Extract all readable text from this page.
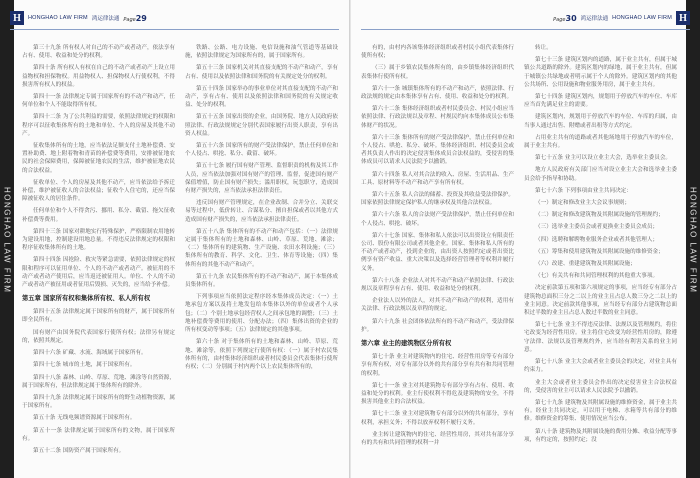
HONGHAO LAW FIRM
H	HONGHAO LAW FIRM 鸿运律法通 Page29

第三十九条 所有权人对自己的不动产或者动产，依法享有占有、使用、收益和处分的权利。

第四十条 所有权人有权在自己的不动产或者动产上设立用益物权和担保物权。用益物权人、担保物权人行使权利，不得损害所有权人的权益。

第四十一条 法律规定专属于国家所有的不动产和动产，任何单位和个人不能取得所有权。

第四十二条 为了公共利益的需要，依照法律规定的权限和程序可以征收集体所有的土地和单位、个人的房屋及其他不动产。

征收集体所有的土地，应当依法足额支付土地补偿费、安置补助费、地上附着物和青苗的补偿费等费用，安排被征地农民的社会保障费用，保障被征地农民的生活，维护被征地农民的合法权益。

征收单位、个人的房屋及其他不动产，应当依法给予拆迁补偿，维护被征收人的合法权益；征收个人住宅的，还应当保障被征收人的居住条件。

任何单位和个人不得贪污、挪用、私分、截留、拖欠征收补偿费等费用。

第四十三条 国家对耕地实行特殊保护，严格限制农用地转为建设用地，控制建设用地总量。不得违反法律规定的权限和程序征收集体所有的土地。

第四十四条 因抢险、救灾等紧急需要，依照法律规定的权限和程序可以征用单位、个人的不动产或者动产。被征用的不动产或者动产使用后，应当返还被征用人。单位、个人的不动产或者动产被征用或者征用后毁损、灭失的，应当给予补偿。

第五章 国家所有权和集体所有权、私人所有权

第四十五条 法律规定属于国家所有的财产，属于国家所有即全民所有。

国有财产由国务院代表国家行使所有权；法律另有规定的，依照其规定。

第四十六条 矿藏、水流、海域属于国家所有。

第四十七条 城市的土地，属于国家所有。

第四十八条 森林、山岭、草原、荒地、滩涂等自然资源，属于国家所有，但法律规定属于集体所有的除外。

第四十九条 法律规定属于国家所有的野生动植物资源，属于国家所有。

第五十条 无线电频谱资源属于国家所有。

第五十一条 法律规定属于国家所有的文物，属于国家所有。

第五十二条 国防资产属于国家所有。

铁路、公路、电力设施、电信设施和油气管道等基础设施，依照法律规定为国家所有的，属于国家所有。

第五十三条 国家机关对其直接支配的不动产和动产，享有占有、使用以及依照法律和国务院的有关规定处分的权利。

第五十四条 国家举办的事业单位对其直接支配的不动产和动产，享有占有、使用以及依照法律和国务院的有关规定收益、处分的权利。

第五十五条 国家出资的企业，由国务院、地方人民政府依照法律、行政法规规定分别代表国家履行出资人职责，享有出资人权益。

第五十六条 国家所有的财产受法律保护，禁止任何单位和个人侵占、哄抢、私分、截留、破坏。

第五十七条 履行国有财产管理、监督职责的机构及其工作人员，应当依法加强对国有财产的管理、监督，促进国有财产保值增值，防止国有财产损失；滥用职权，玩忽职守，造成国有财产损失的，应当依法承担法律责任。

违反国有财产管理规定，在企业改制、合并分立、关联交易等过程中，低价转让、合谋私分、擅自担保或者以其他方式造成国有财产损失的，应当依法承担法律责任。

第五十八条 集体所有的不动产和动产包括：（一）法律规定属于集体所有的土地和森林、山岭、草原、荒地、滩涂；（二）集体所有的建筑物、生产设施、农田水利设施；（三）集体所有的教育、科学、文化、卫生、体育等设施；（四）集体所有的其他不动产和动产。

第五十九条 农民集体所有的不动产和动产，属于本集体成员集体所有。

下列事项应当依照法定程序经本集体成员决定：（一）土地承包方案以及将土地发包给本集体以外的单位或者个人承包；（二）个别土地承包经营权人之间承包地的调整；（三）土地补偿费等费用的使用、分配办法；（四）集体出资的企业的所有权变动等事项；（五）法律规定的其他事项。

第六十条 对于集体所有的土地和森林、山岭、草原、荒地、滩涂等，依照下列规定行使所有权：（一）属于村农民集体所有的，由村集体经济组织或者村民委员会代表集体行使所有权；（二）分别属于村内两个以上农民集体所有的，

HONGHAO LAW FIRM
H
HONGHAO LAW FIRM
鸿运律法通
Page30

有的，由村内各该集体经济组织或者村民小组代表集体行使所有权；

（三）属于乡镇农民集体所有的，由乡镇集体经济组织代表集体行使所有权。

第六十一条 城镇集体所有的不动产和动产，依照法律、行政法规的规定由本集体享有占有、使用、收益和处分的权利。

第六十二条 集体经济组织或者村民委员会、村民小组应当依照法律、行政法规以及章程、村规民约向本集体成员公布集体财产的状况。

第六十三条 集体所有的财产受法律保护，禁止任何单位和个人侵占、哄抢、私分、破坏。集体经济组织、村民委员会或者其负责人作出的决定侵害集体成员合法权益的，受侵害的集体成员可以请求人民法院予以撤销。

第六十四条 私人对其合法的收入、房屋、生活用品、生产工具、原材料等不动产和动产享有所有权。

第六十五条 私人合法的储蓄、投资及其收益受法律保护。国家依照法律规定保护私人的继承权及其他合法权益。

第六十六条 私人的合法财产受法律保护，禁止任何单位和个人侵占、哄抢、破坏。

第六十七条 国家、集体和私人依法可以出资设立有限责任公司、股份有限公司或者其他企业。国家、集体和私人所有的不动产或者动产，投到企业的，由出资人按照约定或者出资比例享有资产收益、重大决策以及选择经营管理者等权利并履行义务。

第六十八条 企业法人对其不动产和动产依照法律、行政法规以及章程享有占有、使用、收益和处分的权利。

企业法人以外的法人，对其不动产和动产的权利，适用有关法律、行政法规以及章程的规定。

第六十九条 社会团体依法所有的不动产和动产，受法律保护。

第六章 业主的建筑物区分所有权

第七十条 业主对建筑物内的住宅、经营性用房等专有部分享有所有权，对专有部分以外的共有部分享有共有和共同管理的权利。

第七十一条 业主对其建筑物专有部分享有占有、使用、收益和处分的权利。业主行使权利不得危及建筑物的安全，不得损害其他业主的合法权益。

第七十二条 业主对建筑物专有部分以外的共有部分，享有权利，承担义务；不得以放弃权利不履行义务。

业主转让建筑物内的住宅、经营性用房，其对共有部分享有的共有和共同管理的权利一并

转让。

第七十三条 建筑区划内的道路，属于业主共有，但属于城镇公共道路的除外。建筑区划内的绿地，属于业主共有，但属于城镇公共绿地或者明示属于个人的除外。建筑区划内的其他公共场所、公用设施和物业服务用房，属于业主共有。

第七十四条 建筑区划内，规划用于停放汽车的车位、车库应当首先满足业主的需要。

建筑区划内，规划用于停放汽车的车位、车库的归属，由当事人通过出售、附赠或者出租等方式约定。

占用业主共有的道路或者其他场地用于停放汽车的车位，属于业主共有。

第七十五条 业主可以设立业主大会，选举业主委员会。

地方人民政府有关部门应当对设立业主大会和选举业主委员会给予指导和协助。

第七十六条 下列事项由业主共同决定：

（一）制定和修改业主大会议事规则；

（二）制定和修改建筑物及其附属设施的管理规约；

（三）选举业主委员会或者更换业主委员会成员；

（四）选聘和解聘物业服务企业或者其他管理人；

（五）筹集和使用建筑物及其附属设施的维修资金；

（六）改建、重建建筑物及其附属设施；

（七）有关共有和共同管理权利的其他重大事项。

决定前款第五项和第六项规定的事项，应当经专有部分占建筑物总面积三分之二以上的业主且占总人数三分之二以上的业主同意。决定前款其他事项，应当经专有部分占建筑物总面积过半数的业主且占总人数过半数的业主同意。

第七十七条 业主不得违反法律、法规以及管理规约，将住宅改变为经营性用房。业主将住宅改变为经营性用房的，除遵守法律、法规以及管理规约外，应当经有利害关系的业主同意。

第七十八条 业主大会或者业主委员会的决定，对业主具有约束力。

业主大会或者业主委员会作出的决定侵害业主合法权益的，受侵害的业主可以请求人民法院予以撤销。

第七十九条 建筑物及其附属设施的维修资金，属于业主共有。经业主共同决定，可以用于电梯、水箱等共有部分的维修。维修资金的筹集、使用情况应当公布。

第八十条 建筑物及其附属设施的费用分摊、收益分配等事项，有约定的，按照约定；没
